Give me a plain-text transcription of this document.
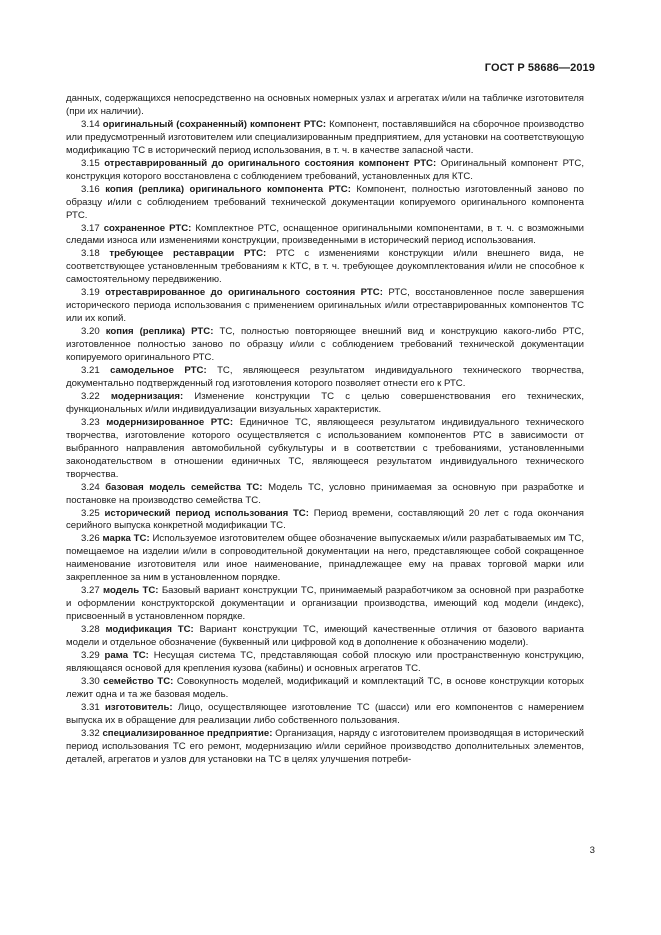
ГОСТ Р 58686—2019

данных, содержащихся непосредственно на основных номерных узлах и агрегатах и/или на табличке изготовителя (при их наличии).

3.14 оригинальный (сохраненный) компонент РТС: Компонент, поставлявшийся на сборочное производство или предусмотренный изготовителем или специализированным предприятием, для установки на соответствующую модификацию ТС в исторический период использования, в т. ч. в качестве запасной части.

3.15 отреставрированный до оригинального состояния компонент РТС: Оригинальный компонент РТС, конструкция которого восстановлена с соблюдением требований, установленных для КТС.

3.16 копия (реплика) оригинального компонента РТС: Компонент, полностью изготовленный заново по образцу и/или с соблюдением требований технической документации копируемого оригинального компонента РТС.

3.17 сохраненное РТС: Комплектное РТС, оснащенное оригинальными компонентами, в т. ч. с возможными следами износа или изменениями конструкции, произведенными в исторический период использования.

3.18 требующее реставрации РТС: РТС с изменениями конструкции и/или внешнего вида, не соответствующее установленным требованиям к КТС, в т. ч. требующее доукомплектования и/или не способное к самостоятельному передвижению.

3.19 отреставрированное до оригинального состояния РТС: РТС, восстановленное после завершения исторического периода использования с применением оригинальных и/или отреставрированных компонентов ТС или их копий.

3.20 копия (реплика) РТС: ТС, полностью повторяющее внешний вид и конструкцию какого-либо РТС, изготовленное полностью заново по образцу и/или с соблюдением требований технической документации копируемого оригинального РТС.

3.21 самодельное РТС: ТС, являющееся результатом индивидуального технического творчества, документально подтвержденный год изготовления которого позволяет отнести его к РТС.

3.22 модернизация: Изменение конструкции ТС с целью совершенствования его технических, функциональных и/или индивидуализации визуальных характеристик.

3.23 модернизированное РТС: Единичное ТС, являющееся результатом индивидуального технического творчества, изготовление которого осуществляется с использованием компонентов РТС в зависимости от выбранного направления автомобильной субкультуры и в соответствии с требованиями, установленными законодательством в отношении единичных ТС, являющееся результатом индивидуального технического творчества.

3.24 базовая модель семейства ТС: Модель ТС, условно принимаемая за основную при разработке и постановке на производство семейства ТС.

3.25 исторический период использования ТС: Период времени, составляющий 20 лет с года окончания серийного выпуска конкретной модификации ТС.

3.26 марка ТС: Используемое изготовителем общее обозначение выпускаемых и/или разрабатываемых им ТС, помещаемое на изделии и/или в сопроводительной документации на него, представляющее собой сокращенное наименование изготовителя или иное наименование, принадлежащее ему на правах торговой марки или закрепленное за ним в установленном порядке.

3.27 модель ТС: Базовый вариант конструкции ТС, принимаемый разработчиком за основной при разработке и оформлении конструкторской документации и организации производства, имеющий код модели (индекс), присвоенный в установленном порядке.

3.28 модификация ТС: Вариант конструкции ТС, имеющий качественные отличия от базового варианта модели и отдельное обозначение (буквенный или цифровой код в дополнение к обозначению модели).

3.29 рама ТС: Несущая система ТС, представляющая собой плоскую или пространственную конструкцию, являющаяся основой для крепления кузова (кабины) и основных агрегатов ТС.

3.30 семейство ТС: Совокупность моделей, модификаций и комплектаций ТС, в основе конструкции которых лежит одна и та же базовая модель.

3.31 изготовитель: Лицо, осуществляющее изготовление ТС (шасси) или его компонентов с намерением выпуска их в обращение для реализации либо собственного пользования.

3.32 специализированное предприятие: Организация, наряду с изготовителем производящая в исторический период использования ТС его ремонт, модернизацию и/или серийное производство дополнительных элементов, деталей, агрегатов и узлов для установки на ТС в целях улучшения потреби-

3
